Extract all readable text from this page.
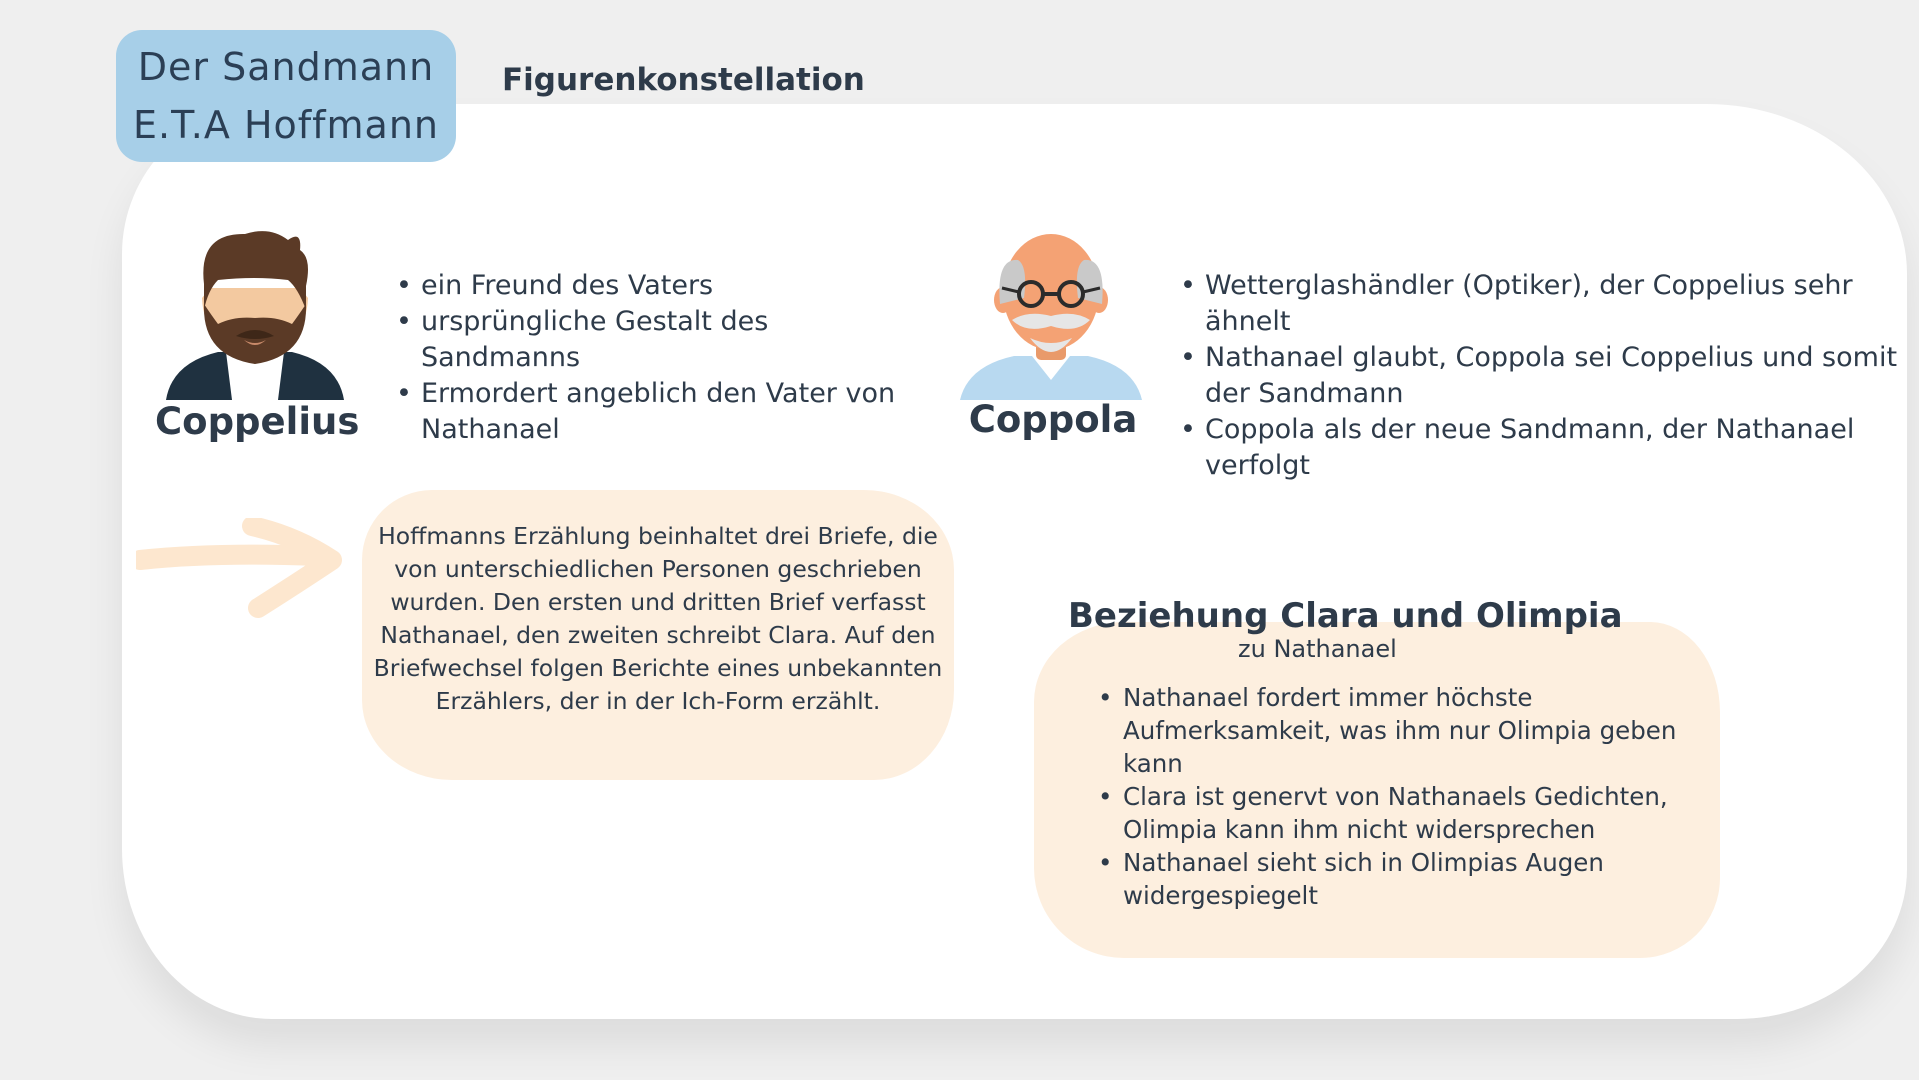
Der Sandmann
E.T.A Hoffmann
Figurenkonstellation
Coppelius
• ein Freund des Vaters
• ursprüngliche Gestalt des Sandmanns
• Ermordert angeblich den Vater von Nathanael	Coppola
• Wetterglashändler (Optiker), der Coppelius sehr ähnelt
• Nathanael glaubt, Coppola sei Coppelius und somit der Sandmann
• Coppola als der neue Sandmann, der Nathanael verfolgt
Hoffmanns Erzählung beinhaltet drei Briefe, die von unterschiedlichen Personen geschrieben wurden. Den ersten und dritten Brief verfasst Nathanael, den zweiten schreibt Clara. Auf den Briefwechsel folgen Berichte eines unbekannten Erzählers, der in der Ich-Form erzählt.
Beziehung Clara und Olimpia
zu Nathanael
• Nathanael fordert immer höchste Aufmerksamkeit, was ihm nur Olimpia geben kann
• Clara ist genervt von Nathanaels Gedichten, Olimpia kann ihm nicht widersprechen
• Nathanael sieht sich in Olimpias Augen widergespiegelt
